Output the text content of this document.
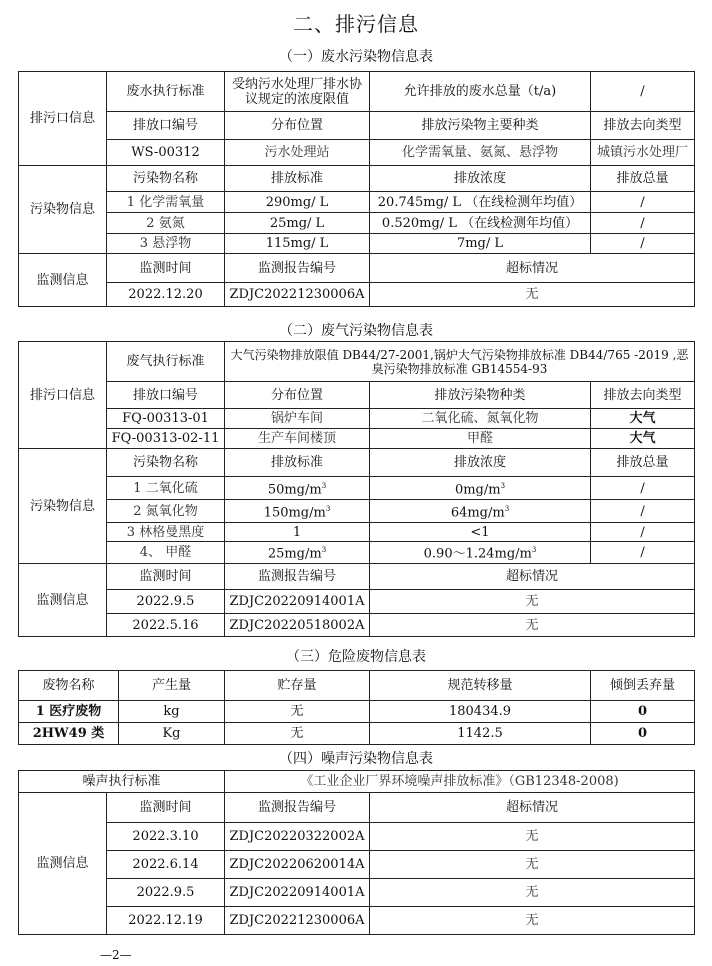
二、排污信息
（一）废水污染物信息表
排污口信息	废水执行标准	受纳污水处理厂排水协议规定的浓度限值	允许排放的废水总量（t/a)	/
	排放口编号	分布位置	排放污染物主要种类	排放去向类型
	WS-00312	污水处理站	化学需氧量、氨氮、悬浮物	城镇污水处理厂
污染物信息	污染物名称	排放标准	排放浓度	排放总量
	1 化学需氧量	290mg/ L	20.745mg/ L （在线检测年均值）	/
	2 氨氮	25mg/ L	0.520mg/ L （在线检测年均值）	/
	3 悬浮物	115mg/ L	7mg/ L	/
监测信息	监测时间	监测报告编号	超标情况	
	2022.12.20	ZDJC20221230006A	无	
（二）废气污染物信息表
排污口信息	废气执行标准	大气污染物排放限值 DB44/27-2001,锅炉大气污染物排放标准 DB44/765 -2019 ,恶臭污染物排放标准 GB14554-93		
	排放口编号	分布位置	排放污染物种类	排放去向类型
	FQ-00313-01	锅炉车间	二氧化硫、氮氧化物	大气
	FQ-00313-02-11	生产车间楼顶	甲醛	大气
污染物信息	污染物名称	排放标准	排放浓度	排放总量
	1 二氧化硫	$50mg/m^3$	$0mg/m^3$	/
	2 氮氧化物	$150mg/m^3$	$64mg/m^3$	/
	3 林格曼黑度	1	<1	/
	4、 甲醛	$25mg/m^3$	$0.90\sim 1.24mg/m^3$	/
监测信息	监测时间	监测报告编号	超标情况	
	2022.9.5	ZDJC20220914001A	无	
	2022.5.16	ZDJC20220518002A	无	
（三）危险废物信息表
废物名称	产生量	贮存量	规范转移量	倾倒丢弃量
1 医疗废物	kg	无	180434.9	0
2HW49 类	Kg	无	1142.5	0
（四）噪声污染物信息表
噪声执行标准		《工业企业厂界环境噪声排放标准》（GB12348-2008)	
监测信息	监测时间	监测报告编号	超标情况
	2022.3.10	ZDJC20220322002A	无
	2022.6.14	ZDJC20220620014A	无
	2022.9.5	ZDJC20220914001A	无
	2022.12.19	ZDJC20221230006A	无
—2—
